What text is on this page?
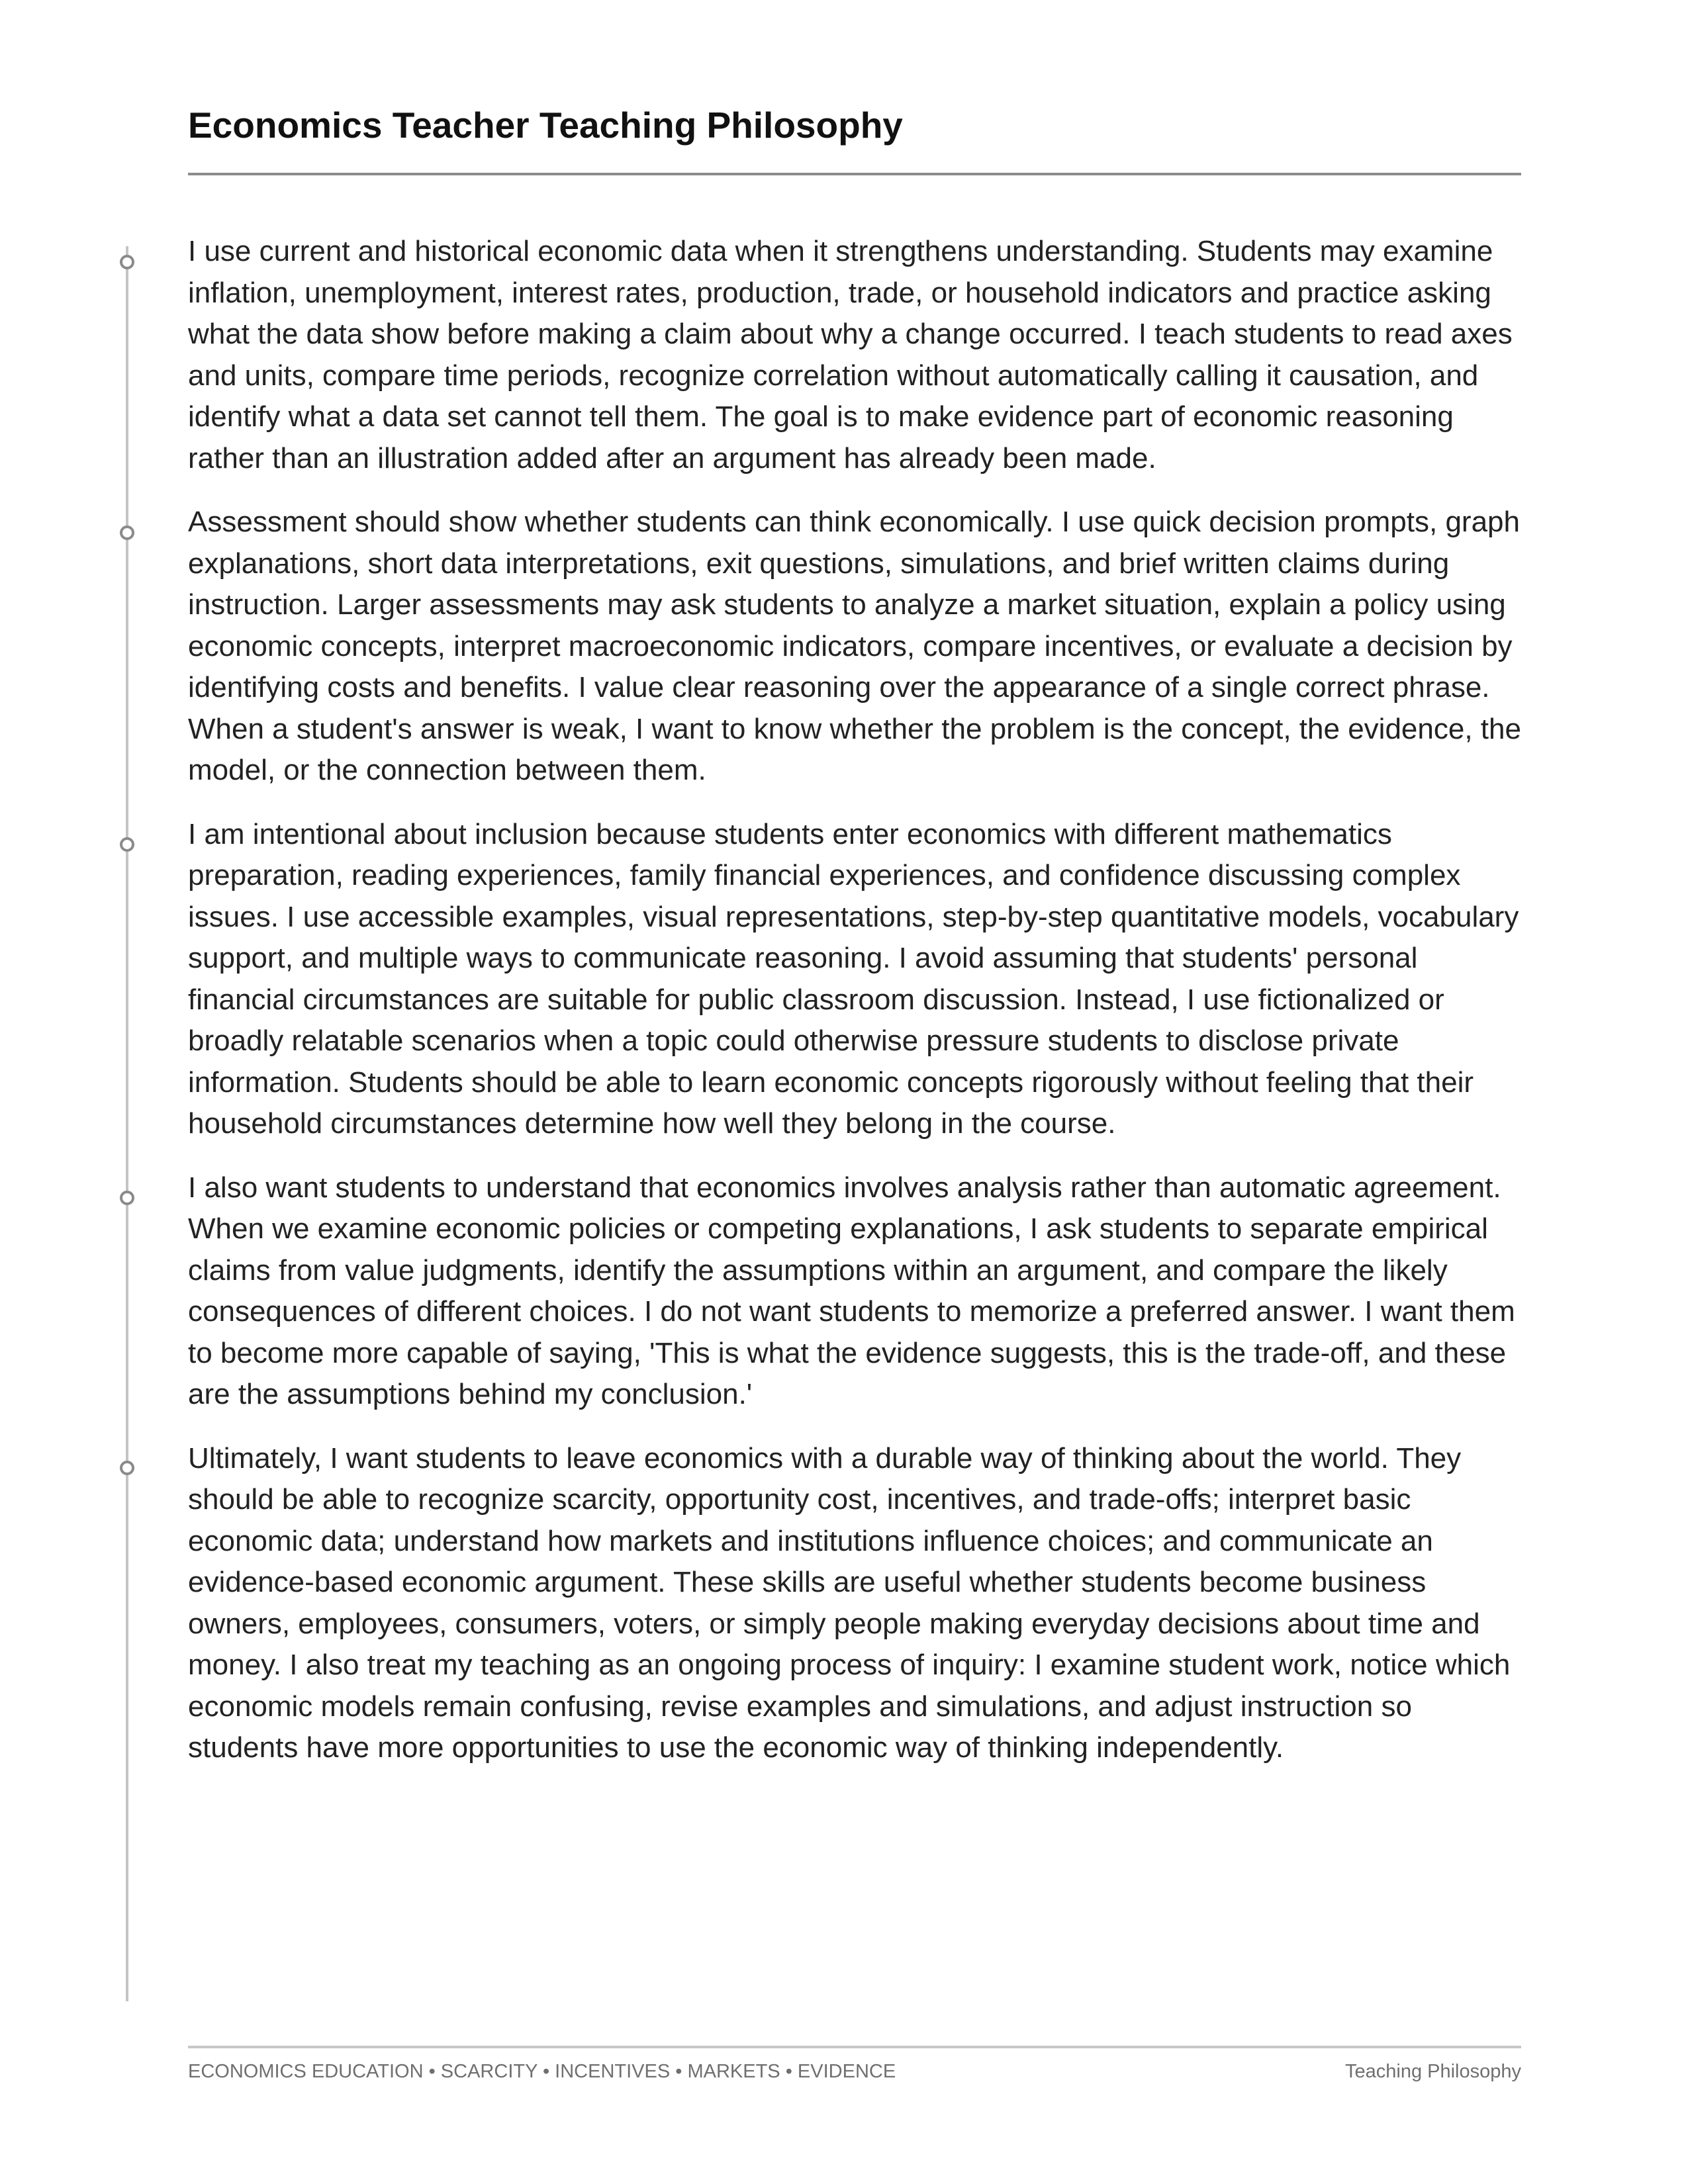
Economics Teacher Teaching Philosophy

I use current and historical economic data when it strengthens understanding. Students may examine inflation, unemployment, interest rates, production, trade, or household indicators and practice asking what the data show before making a claim about why a change occurred. I teach students to read axes and units, compare time periods, recognize correlation without automatically calling it causation, and identify what a data set cannot tell them. The goal is to make evidence part of economic reasoning rather than an illustration added after an argument has already been made.

Assessment should show whether students can think economically. I use quick decision prompts, graph explanations, short data interpretations, exit questions, simulations, and brief written claims during instruction. Larger assessments may ask students to analyze a market situation, explain a policy using economic concepts, interpret macroeconomic indicators, compare incentives, or evaluate a decision by identifying costs and benefits. I value clear reasoning over the appearance of a single correct phrase. When a student's answer is weak, I want to know whether the problem is the concept, the evidence, the model, or the connection between them.

I am intentional about inclusion because students enter economics with different mathematics preparation, reading experiences, family financial experiences, and confidence discussing complex issues. I use accessible examples, visual representations, step-by-step quantitative models, vocabulary support, and multiple ways to communicate reasoning. I avoid assuming that students' personal financial circumstances are suitable for public classroom discussion. Instead, I use fictionalized or broadly relatable scenarios when a topic could otherwise pressure students to disclose private information. Students should be able to learn economic concepts rigorously without feeling that their household circumstances determine how well they belong in the course.

I also want students to understand that economics involves analysis rather than automatic agreement. When we examine economic policies or competing explanations, I ask students to separate empirical claims from value judgments, identify the assumptions within an argument, and compare the likely consequences of different choices. I do not want students to memorize a preferred answer. I want them to become more capable of saying, 'This is what the evidence suggests, this is the trade-off, and these are the assumptions behind my conclusion.'

Ultimately, I want students to leave economics with a durable way of thinking about the world. They should be able to recognize scarcity, opportunity cost, incentives, and trade-offs; interpret basic economic data; understand how markets and institutions influence choices; and communicate an evidence-based economic argument. These skills are useful whether students become business owners, employees, consumers, voters, or simply people making everyday decisions about time and money. I also treat my teaching as an ongoing process of inquiry: I examine student work, notice which economic models remain confusing, revise examples and simulations, and adjust instruction so students have more opportunities to use the economic way of thinking independently.

ECONOMICS EDUCATION • SCARCITY • INCENTIVES • MARKETS • EVIDENCE	Teaching Philosophy
